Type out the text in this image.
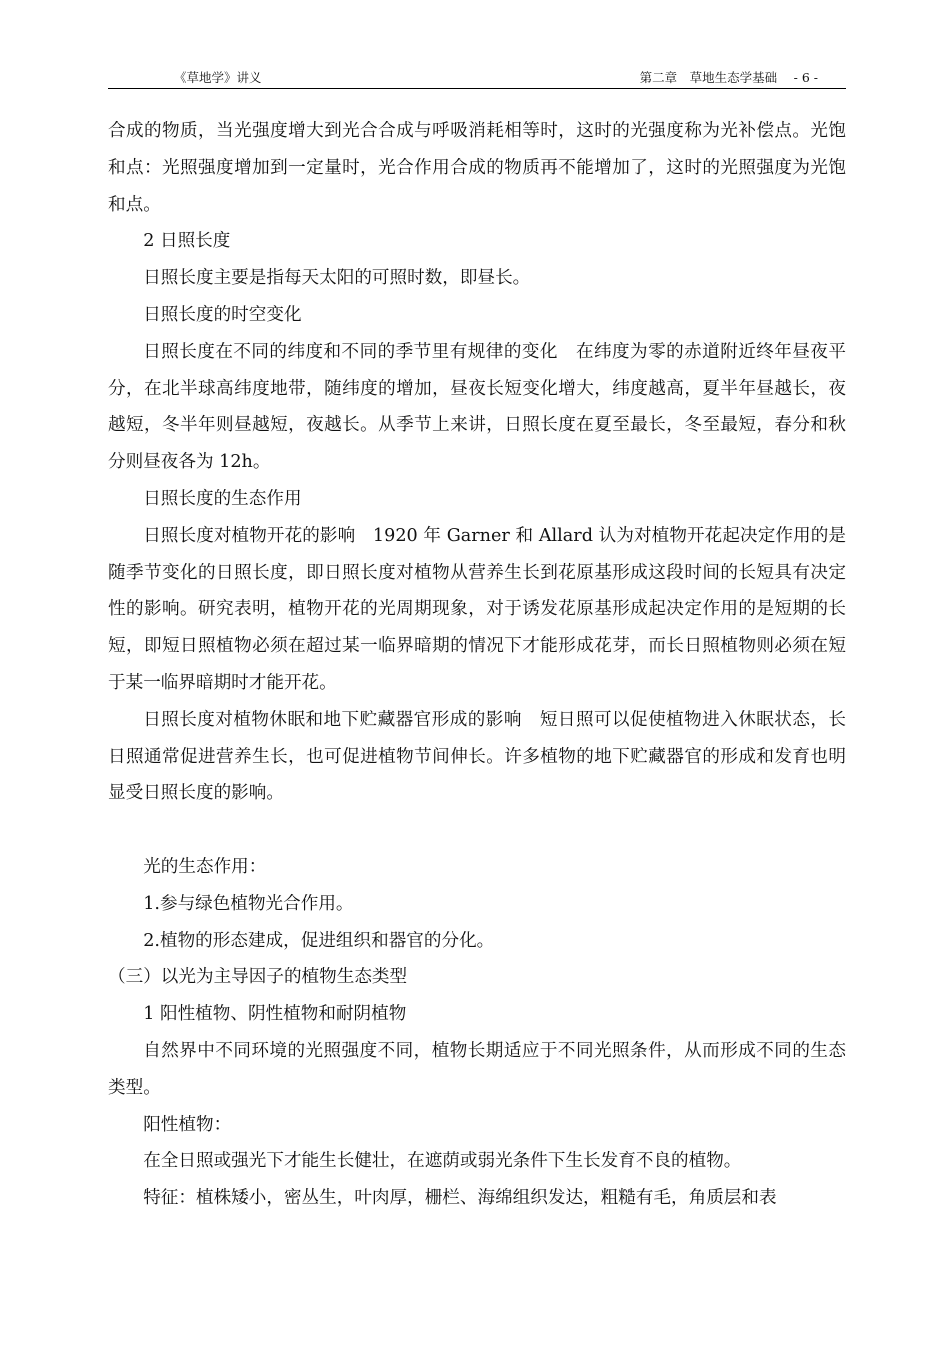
《草地学》讲义	第二章　草地生态学基础　 - 6 -

合成的物质，当光强度增大到光合合成与呼吸消耗相等时，这时的光强度称为光补偿点。光饱和点：光照强度增加到一定量时，光合作用合成的物质再不能增加了，这时的光照强度为光饱和点。

2 日照长度

日照长度主要是指每天太阳的可照时数，即昼长。

日照长度的时空变化

日照长度在不同的纬度和不同的季节里有规律的变化　在纬度为零的赤道附近终年昼夜平分，在北半球高纬度地带，随纬度的增加，昼夜长短变化增大，纬度越高，夏半年昼越长，夜越短，冬半年则昼越短，夜越长。从季节上来讲，日照长度在夏至最长，冬至最短，春分和秋分则昼夜各为 12h。

日照长度的生态作用

日照长度对植物开花的影响　1920 年 Garner 和 Allard 认为对植物开花起决定作用的是随季节变化的日照长度，即日照长度对植物从营养生长到花原基形成这段时间的长短具有决定性的影响。研究表明，植物开花的光周期现象，对于诱发花原基形成起决定作用的是短期的长短，即短日照植物必须在超过某一临界暗期的情况下才能形成花芽，而长日照植物则必须在短于某一临界暗期时才能开花。

日照长度对植物休眠和地下贮藏器官形成的影响　短日照可以促使植物进入休眠状态，长日照通常促进营养生长，也可促进植物节间伸长。许多植物的地下贮藏器官的形成和发育也明显受日照长度的影响。

光的生态作用：

1.参与绿色植物光合作用。

2.植物的形态建成，促进组织和器官的分化。

（三）以光为主导因子的植物生态类型

1 阳性植物、阴性植物和耐阴植物

自然界中不同环境的光照强度不同，植物长期适应于不同光照条件，从而形成不同的生态类型。

阳性植物：

在全日照或强光下才能生长健壮，在遮荫或弱光条件下生长发育不良的植物。

特征：植株矮小，密丛生，叶肉厚，栅栏、海绵组织发达，粗糙有毛，角质层和表
